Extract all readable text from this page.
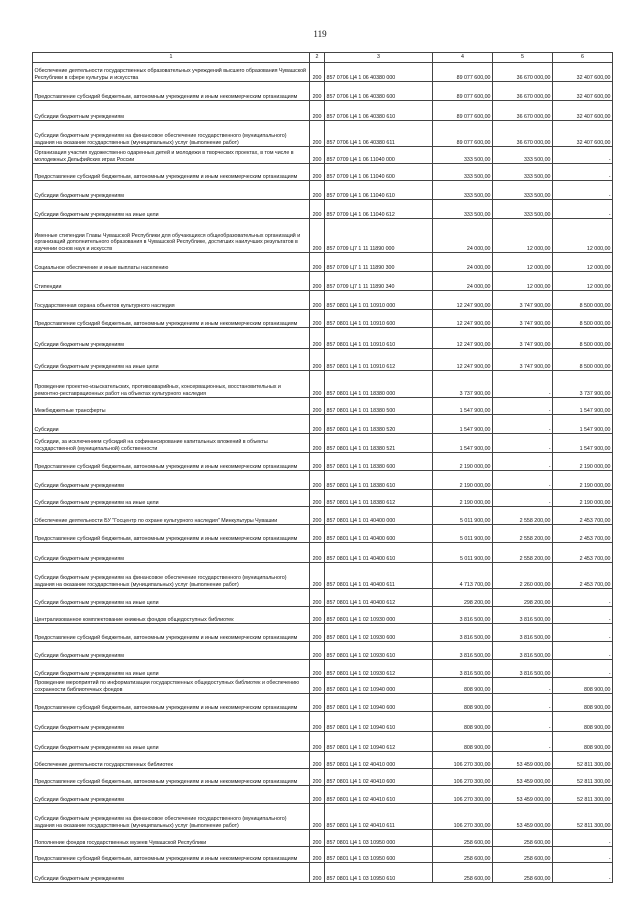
119
1	2	3	4	5	6
Обеспечение деятельности государственных образовательных учреждений высшего образования Чувашской Республики в сфере культуры и искусства	200	857 0706 Ц4 1 06 40380 000	89 077 600,00	36 670 000,00	32 407 600,00
Предоставление субсидий бюджетным, автономным учреждениям и иным некоммерческим организациям	200	857 0706 Ц4 1 06 40380 600	89 077 600,00	36 670 000,00	32 407 600,00
Субсидии бюджетным учреждениям	200	857 0706 Ц4 1 06 40380 610	89 077 600,00	36 670 000,00	32 407 600,00
Субсидии бюджетным учреждениям на финансовое обеспечение государственного (муниципального) задания на оказание государственных (муниципальных) услуг (выполнение работ)	200	857 0706 Ц4 1 06 40380 611	89 077 600,00	36 670 000,00	32 407 600,00
Организация участия художественно одаренных детей и молодежи в творческих проектах, в том числе в молодежных Дельфийских играх России	200	857 0709 Ц4 1 06 11040 000	333 500,00	333 500,00	-
Предоставление субсидий бюджетным, автономным учреждениям и иным некоммерческим организациям	200	857 0709 Ц4 1 06 11040 600	333 500,00	333 500,00	-
Субсидии бюджетным учреждениям	200	857 0709 Ц4 1 06 11040 610	333 500,00	333 500,00	-
Субсидии бюджетным учреждениям на иные цели	200	857 0709 Ц4 1 06 11040 612	333 500,00	333 500,00	-
Именные стипендии Главы Чувашской Республики для обучающихся общеобразовательных организаций и организаций дополнительного образования в Чувашской Республике, достигших наилучших результатов в изучении основ наук и искусств	200	857 0709 Ц7 1 11 11890 000	24 000,00	12 000,00	12 000,00
Социальное обеспечение и иные выплаты населению	200	857 0709 Ц7 1 11 11890 300	24 000,00	12 000,00	12 000,00
Стипендии	200	857 0709 Ц7 1 11 11890 340	24 000,00	12 000,00	12 000,00
Государственная охрана объектов культурного наследия	200	857 0801 Ц4 1 01 10910 000	12 247 900,00	3 747 900,00	8 500 000,00
Предоставление субсидий бюджетным, автономным учреждениям и иным некоммерческим организациям	200	857 0801 Ц4 1 01 10910 600	12 247 900,00	3 747 900,00	8 500 000,00
Субсидии бюджетным учреждениям	200	857 0801 Ц4 1 01 10910 610	12 247 900,00	3 747 900,00	8 500 000,00
Субсидии бюджетным учреждениям на иные цели	200	857 0801 Ц4 1 01 10910 612	12 247 900,00	3 747 900,00	8 500 000,00
Проведение проектно-изыскательских, противоаварийных, консервационных, восстановительных и ремонтно-реставрационных работ на объектах культурного наследия	200	857 0801 Ц4 1 01 18380 000	3 737 900,00	-	3 737 900,00
Межбюджетные трансферты	200	857 0801 Ц4 1 01 18380 500	1 547 900,00	-	1 547 900,00
Субсидии	200	857 0801 Ц4 1 01 18380 520	1 547 900,00	-	1 547 900,00
Субсидии, за исключением субсидий на софинансирование капитальных вложений в объекты государственной (муниципальной) собственности	200	857 0801 Ц4 1 01 18380 521	1 547 900,00	-	1 547 900,00
Предоставление субсидий бюджетным, автономным учреждениям и иным некоммерческим организациям	200	857 0801 Ц4 1 01 18380 600	2 190 000,00	-	2 190 000,00
Субсидии бюджетным учреждениям	200	857 0801 Ц4 1 01 18380 610	2 190 000,00	-	2 190 000,00
Субсидии бюджетным учреждениям на иные цели	200	857 0801 Ц4 1 01 18380 612	2 190 000,00	-	2 190 000,00
Обеспечение деятельности БУ "Госцентр по охране культурного наследия" Минкультуры Чувашии	200	857 0801 Ц4 1 01 40400 000	5 011 900,00	2 558 200,00	2 453 700,00
Предоставление субсидий бюджетным, автономным учреждениям и иным некоммерческим организациям	200	857 0801 Ц4 1 01 40400 600	5 011 900,00	2 558 200,00	2 453 700,00
Субсидии бюджетным учреждениям	200	857 0801 Ц4 1 01 40400 610	5 011 900,00	2 558 200,00	2 453 700,00
Субсидии бюджетным учреждениям на финансовое обеспечение государственного (муниципального) задания на оказание государственных (муниципальных) услуг (выполнение работ)	200	857 0801 Ц4 1 01 40400 611	4 713 700,00	2 260 000,00	2 453 700,00
Субсидии бюджетным учреждениям на иные цели	200	857 0801 Ц4 1 01 40400 612	298 200,00	298 200,00	-
Централизованное комплектование книжных фондов общедоступных библиотек	200	857 0801 Ц4 1 02 10930 000	3 816 500,00	3 816 500,00	-
Предоставление субсидий бюджетным, автономным учреждениям и иным некоммерческим организациям	200	857 0801 Ц4 1 02 10930 600	3 816 500,00	3 816 500,00	-
Субсидии бюджетным учреждениям	200	857 0801 Ц4 1 02 10930 610	3 816 500,00	3 816 500,00	-
Субсидии бюджетным учреждениям на иные цели	200	857 0801 Ц4 1 02 10930 612	3 816 500,00	3 816 500,00	-
Проведение мероприятий по информатизации государственных общедоступных библиотек и обеспечению сохранности библиотечных фондов	200	857 0801 Ц4 1 02 10940 000	808 900,00	-	808 900,00
Предоставление субсидий бюджетным, автономным учреждениям и иным некоммерческим организациям	200	857 0801 Ц4 1 02 10940 600	808 900,00	-	808 900,00
Субсидии бюджетным учреждениям	200	857 0801 Ц4 1 02 10940 610	808 900,00	-	808 900,00
Субсидии бюджетным учреждениям на иные цели	200	857 0801 Ц4 1 02 10940 612	808 900,00	-	808 900,00
Обеспечение деятельности государственных библиотек	200	857 0801 Ц4 1 02 40410 000	106 270 300,00	53 459 000,00	52 811 300,00
Предоставление субсидий бюджетным, автономным учреждениям и иным некоммерческим организациям	200	857 0801 Ц4 1 02 40410 600	106 270 300,00	53 459 000,00	52 811 300,00
Субсидии бюджетным учреждениям	200	857 0801 Ц4 1 02 40410 610	106 270 300,00	53 459 000,00	52 811 300,00
Субсидии бюджетным учреждениям на финансовое обеспечение государственного (муниципального) задания на оказание государственных (муниципальных) услуг (выполнение работ)	200	857 0801 Ц4 1 02 40410 611	106 270 300,00	53 459 000,00	52 811 300,00
Пополнение фондов государственных музеев Чувашской Республики	200	857 0801 Ц4 1 03 10950 000	258 600,00	258 600,00	-
Предоставление субсидий бюджетным, автономным учреждениям и иным некоммерческим организациям	200	857 0801 Ц4 1 03 10950 600	258 600,00	258 600,00	-
Субсидии бюджетным учреждениям	200	857 0801 Ц4 1 03 10950 610	258 600,00	258 600,00	-
